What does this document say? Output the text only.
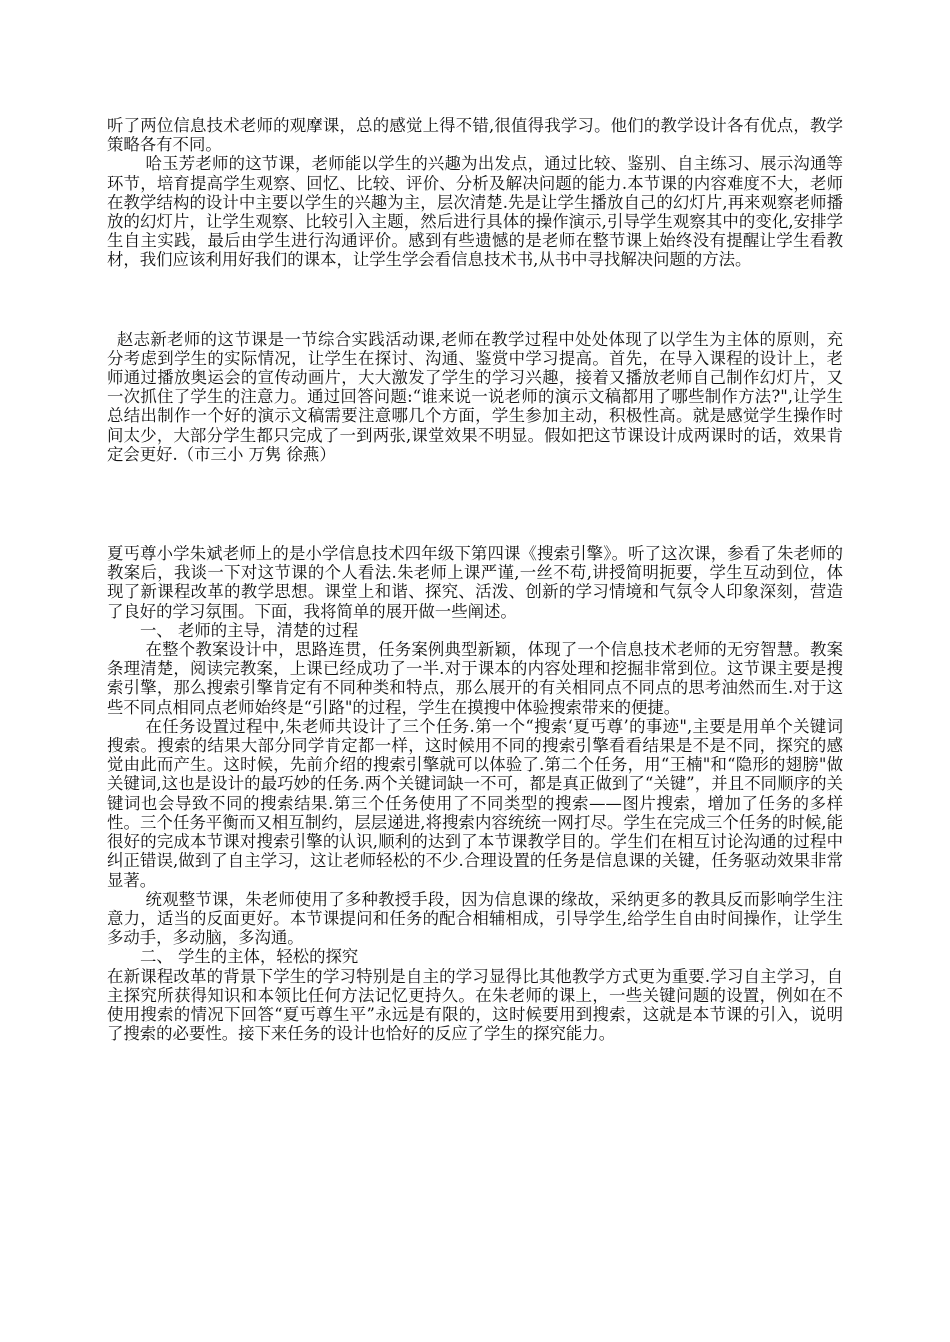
听了两位信息技术老师的观摩课，总的感觉上得不错,很值得我学习。他们的教学设计各有优点，教学策略各有不同。

哈玉芳老师的这节课，老师能以学生的兴趣为出发点，通过比较、鉴别、自主练习、展示沟通等环节，培育提高学生观察、回忆、比较、评价、分析及解决问题的能力.本节课的内容难度不大，老师在教学结构的设计中主要以学生的兴趣为主，层次清楚.先是让学生播放自己的幻灯片,再来观察老师播放的幻灯片，让学生观察、比较引入主题，然后进行具体的操作演示,引导学生观察其中的变化,安排学生自主实践，最后由学生进行沟通评价。感到有些遗憾的是老师在整节课上始终没有提醒让学生看教材，我们应该利用好我们的课本，让学生学会看信息技术书,从书中寻找解决问题的方法。

赵志新老师的这节课是一节综合实践活动课,老师在教学过程中处处体现了以学生为主体的原则，充分考虑到学生的实际情况，让学生在探讨、沟通、鉴赏中学习提高。首先，在导入课程的设计上，老师通过播放奥运会的宣传动画片，大大激发了学生的学习兴趣，接着又播放老师自己制作幻灯片，又一次抓住了学生的注意力。通过回答问题:“谁来说一说老师的演示文稿都用了哪些制作方法?",让学生总结出制作一个好的演示文稿需要注意哪几个方面，学生参加主动，积极性高。就是感觉学生操作时间太少，大部分学生都只完成了一到两张,课堂效果不明显。假如把这节课设计成两课时的话，效果肯定会更好.（市三小 万隽 徐燕）

夏丐尊小学朱斌老师上的是小学信息技术四年级下第四课《搜索引擎》。听了这次课，参看了朱老师的教案后，我谈一下对这节课的个人看法.朱老师上课严谨,一丝不苟,讲授简明扼要，学生互动到位，体现了新课程改革的教学思想。课堂上和谐、探究、活泼、创新的学习情境和气氛令人印象深刻，营造了良好的学习氛围。下面，我将简单的展开做一些阐述。

一、 老师的主导，清楚的过程

在整个教案设计中，思路连贯，任务案例典型新颖，体现了一个信息技术老师的无穷智慧。教案条理清楚，阅读完教案，上课已经成功了一半.对于课本的内容处理和挖掘非常到位。这节课主要是搜索引擎，那么搜索引擎肯定有不同种类和特点，那么展开的有关相同点不同点的思考油然而生.对于这些不同点相同点老师始终是“引路"的过程，学生在摸搜中体验搜索带来的便捷。

在任务设置过程中,朱老师共设计了三个任务.第一个“搜索‘夏丐尊’的事迹",主要是用单个关键词搜索。搜索的结果大部分同学肯定都一样，这时候用不同的搜索引擎看看结果是不是不同，探究的感觉由此而产生。这时候，先前介绍的搜索引擎就可以体验了.第二个任务，用“王楠"和“隐形的翅膀"做关键词,这也是设计的最巧妙的任务.两个关键词缺一不可，都是真正做到了“关键”，并且不同顺序的关键词也会导致不同的搜索结果.第三个任务使用了不同类型的搜索——图片搜索，增加了任务的多样性。三个任务平衡而又相互制约，层层递进,将搜索内容统统一网打尽。学生在完成三个任务的时候,能很好的完成本节课对搜索引擎的认识,顺利的达到了本节课教学目的。学生们在相互讨论沟通的过程中纠正错误,做到了自主学习，这让老师轻松的不少.合理设置的任务是信息课的关键，任务驱动效果非常显著。

统观整节课，朱老师使用了多种教授手段，因为信息课的缘故，采纳更多的教具反而影响学生注意力，适当的反面更好。本节课提问和任务的配合相辅相成，引导学生,给学生自由时间操作，让学生多动手，多动脑，多沟通。

二、 学生的主体，轻松的探究

在新课程改革的背景下学生的学习特别是自主的学习显得比其他教学方式更为重要.学习自主学习，自主探究所获得知识和本领比任何方法记忆更持久。在朱老师的课上，一些关键问题的设置，例如在不使用搜索的情况下回答“夏丐尊生平”永远是有限的，这时候要用到搜索，这就是本节课的引入，说明了搜索的必要性。接下来任务的设计也恰好的反应了学生的探究能力。
